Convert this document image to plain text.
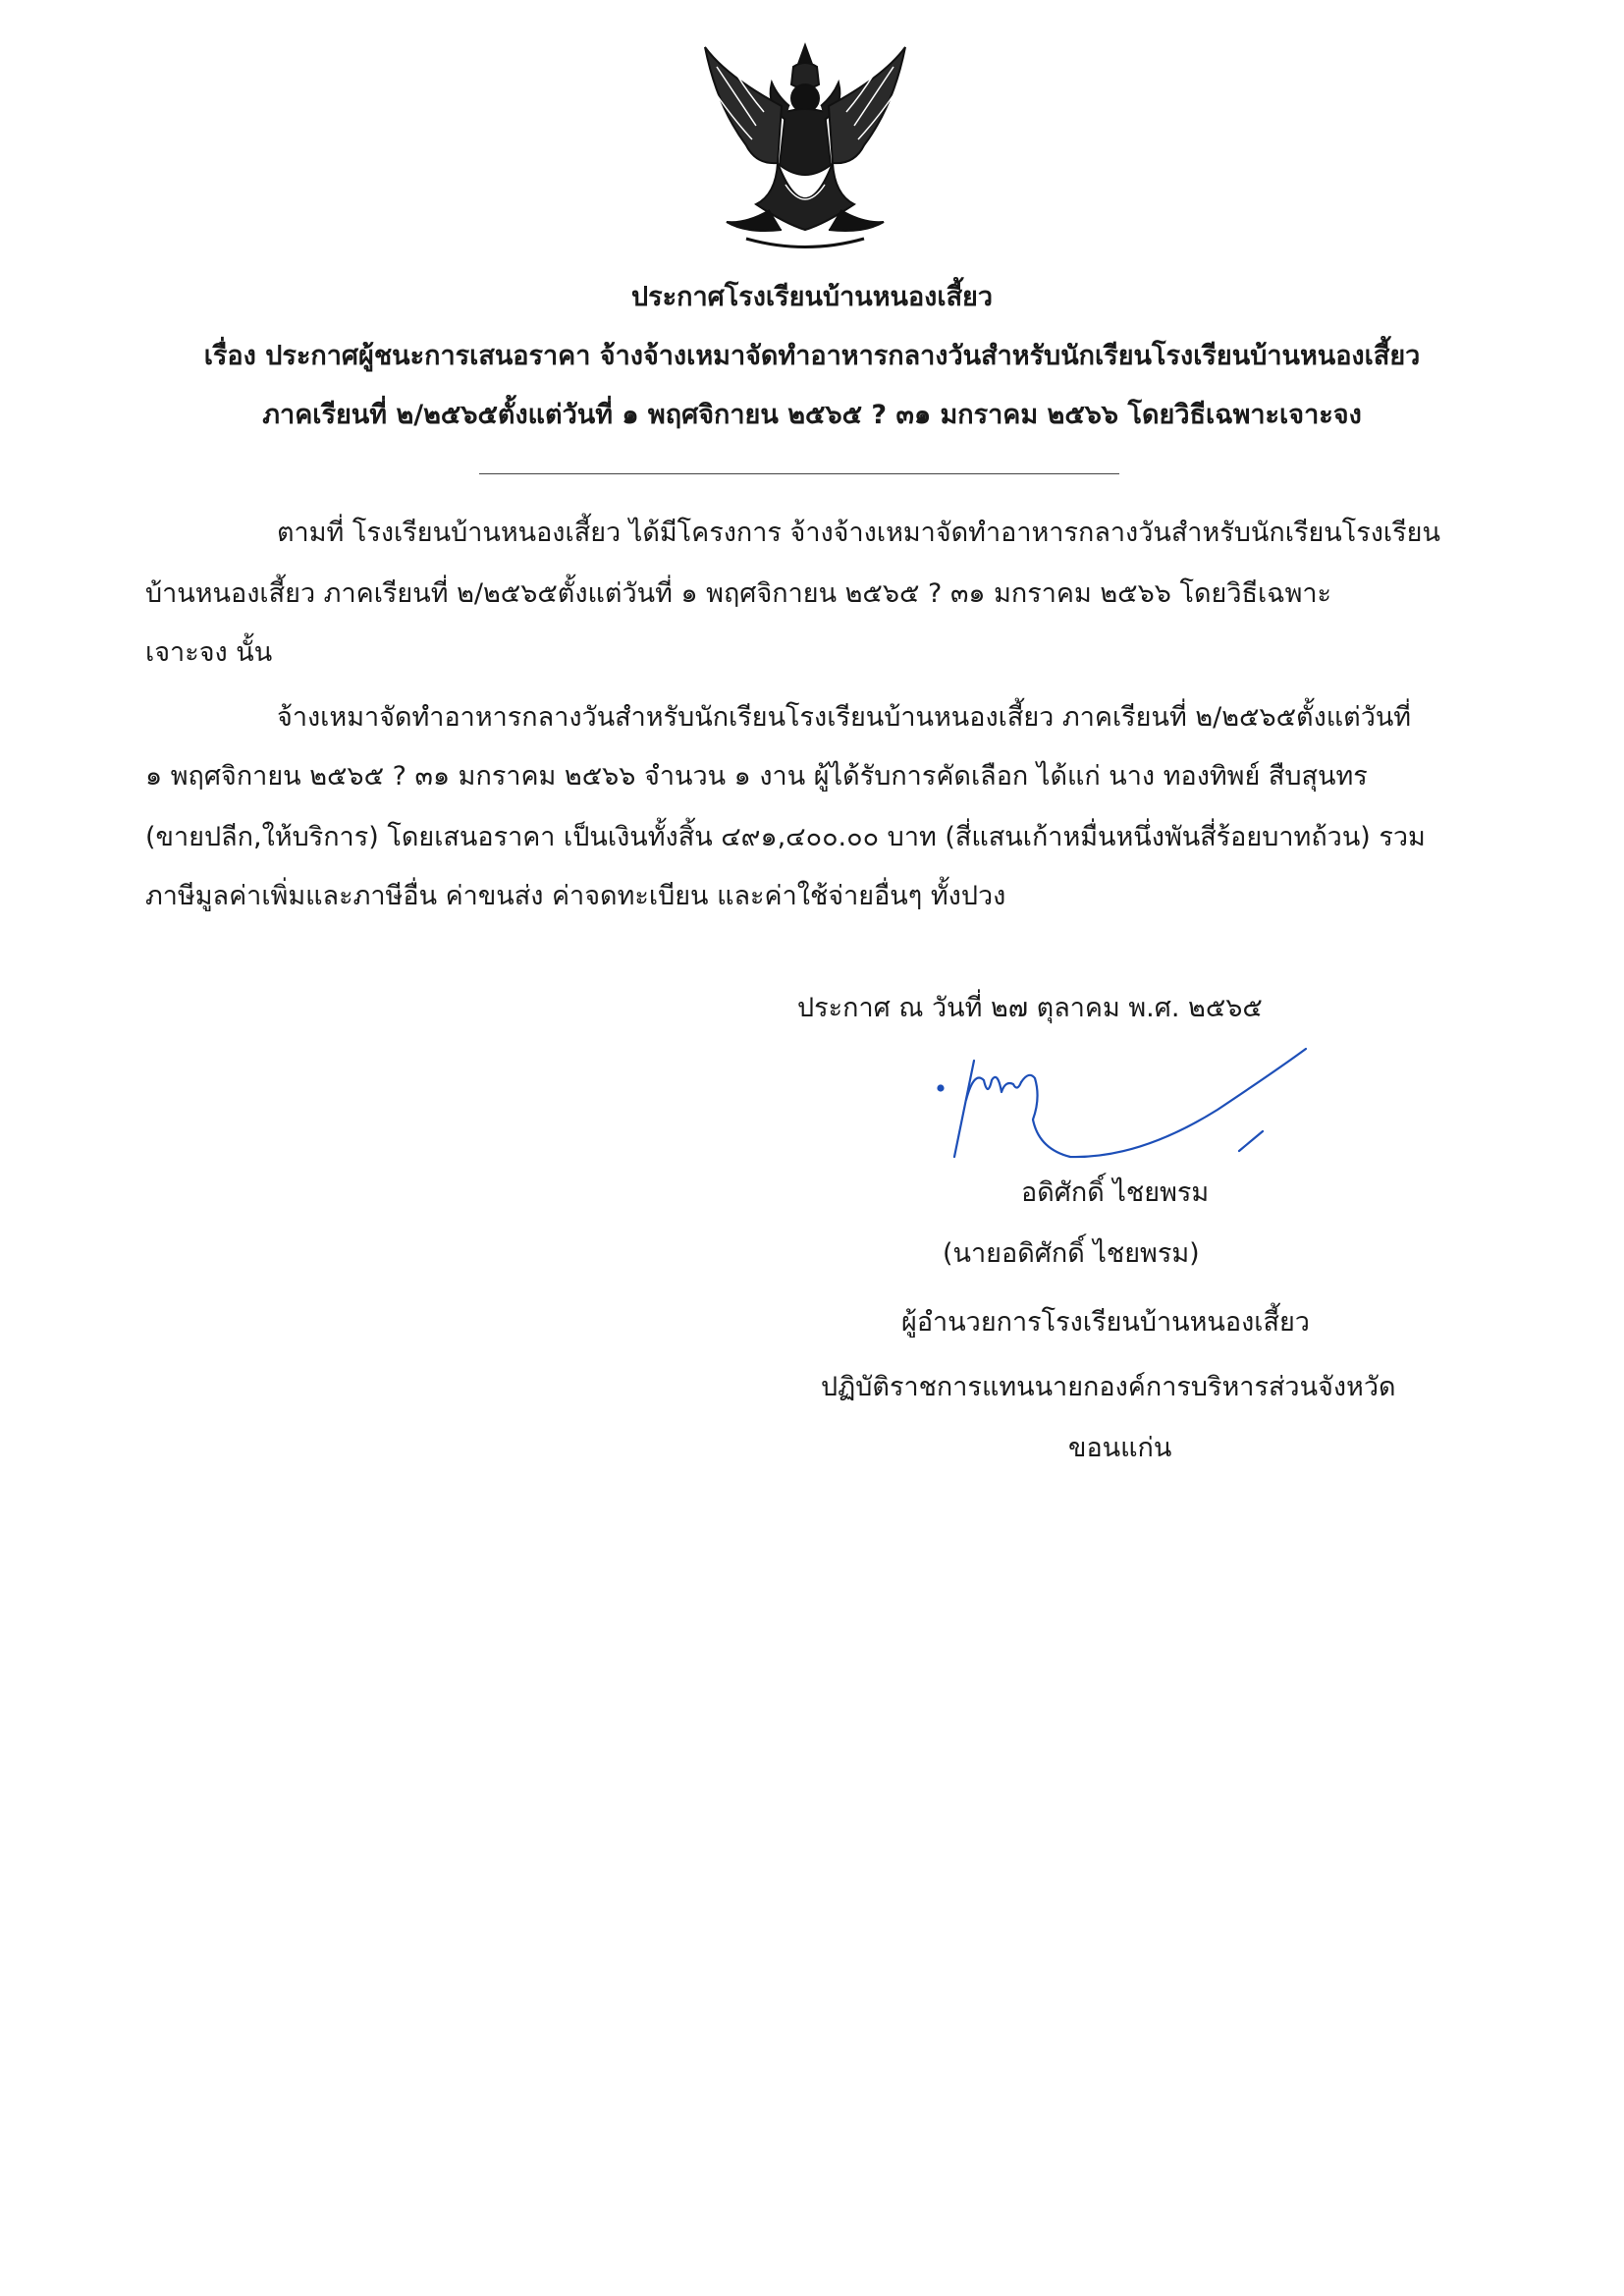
ประกาศโรงเรียนบ้านหนองเสี้ยว
เรื่อง ประกาศผู้ชนะการเสนอราคา จ้างจ้างเหมาจัดทำอาหารกลางวันสำหรับนักเรียนโรงเรียนบ้านหนองเสี้ยว
ภาคเรียนที่ ๒/๒๕๖๕ตั้งแต่วันที่ ๑ พฤศจิกายน ๒๕๖๕ ? ๓๑ มกราคม ๒๕๖๖ โดยวิธีเฉพาะเจาะจง
ตามที่ โรงเรียนบ้านหนองเสี้ยว ได้มีโครงการ จ้างจ้างเหมาจัดทำอาหารกลางวันสำหรับนักเรียนโรงเรียน
บ้านหนองเสี้ยว ภาคเรียนที่ ๒/๒๕๖๕ตั้งแต่วันที่ ๑ พฤศจิกายน ๒๕๖๕ ? ๓๑ มกราคม ๒๕๖๖ โดยวิธีเฉพาะ
เจาะจง นั้น
จ้างเหมาจัดทำอาหารกลางวันสำหรับนักเรียนโรงเรียนบ้านหนองเสี้ยว ภาคเรียนที่ ๒/๒๕๖๕ตั้งแต่วันที่
๑ พฤศจิกายน ๒๕๖๕ ? ๓๑ มกราคม ๒๕๖๖ จำนวน ๑ งาน ผู้ได้รับการคัดเลือก ได้แก่ นาง ทองทิพย์ สืบสุนทร
(ขายปลีก,ให้บริการ) โดยเสนอราคา เป็นเงินทั้งสิ้น ๔๙๑,๔๐๐.๐๐ บาท (สี่แสนเก้าหมื่นหนึ่งพันสี่ร้อยบาทถ้วน) รวม
ภาษีมูลค่าเพิ่มและภาษีอื่น ค่าขนส่ง ค่าจดทะเบียน และค่าใช้จ่ายอื่นๆ ทั้งปวง
ประกาศ ณ วันที่ ๒๗ ตุลาคม พ.ศ. ๒๕๖๕
อดิศักดิ์ ไชยพรม
(นายอดิศักดิ์ ไชยพรม)
ผู้อำนวยการโรงเรียนบ้านหนองเสี้ยว
ปฏิบัติราชการแทนนายกองค์การบริหารส่วนจังหวัด
ขอนแก่น
